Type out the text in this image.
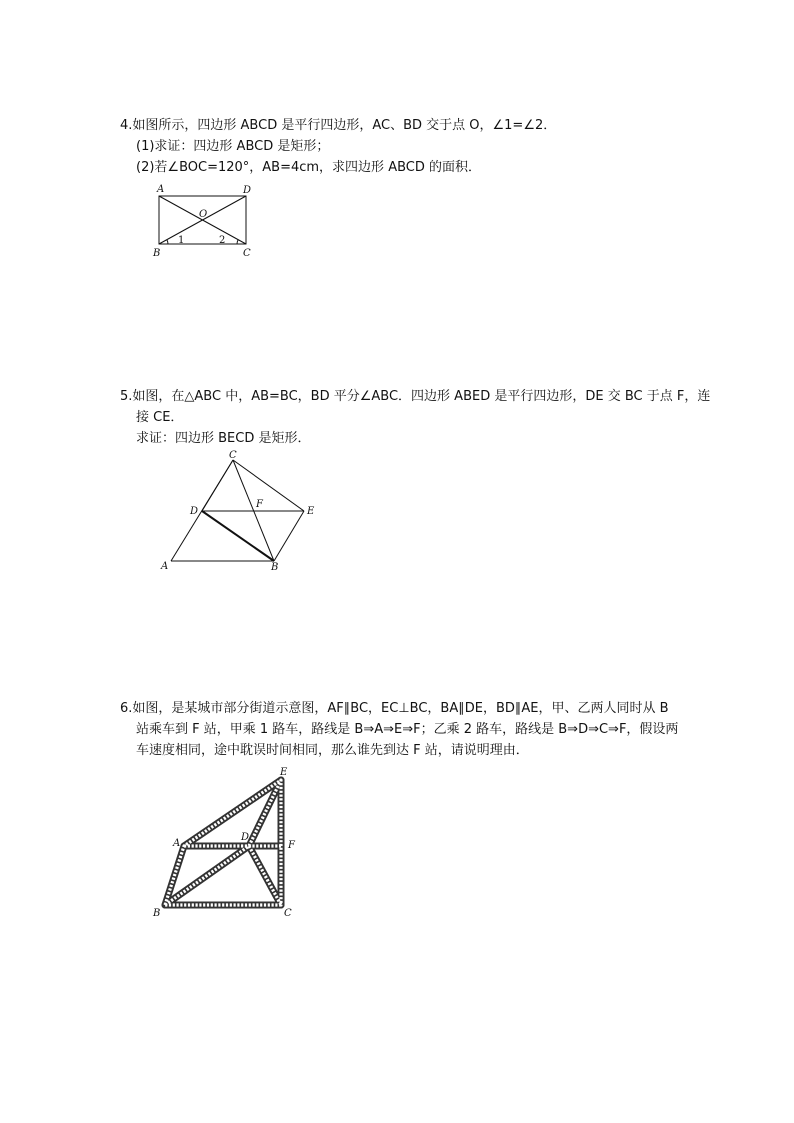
4.如图所示，四边形 ABCD 是平行四边形，AC、BD 交于点 O，∠1=∠2．
(1)求证：四边形 ABCD 是矩形；
(2)若∠BOC=120°，AB=4cm，求四边形 ABCD 的面积．
A	D
O
B	C
1	2
C
D
F
E
A	B
E
A
D
F
B	C
5.如图，在△ABC 中，AB=BC，BD 平分∠ABC．四边形 ABED 是平行四边形，DE 交 BC 于点 F，连
接 CE．
求证：四边形 BECD 是矩形．
6.如图，是某城市部分街道示意图，AF∥BC，EC⊥BC，BA∥DE，BD∥AE，甲、乙两人同时从 B
站乘车到 F 站，甲乘 1 路车，路线是 B⇒A⇒E⇒F；乙乘 2 路车，路线是 B⇒D⇒C⇒F，假设两
车速度相同，途中耽误时间相同，那么谁先到达 F 站，请说明理由．
